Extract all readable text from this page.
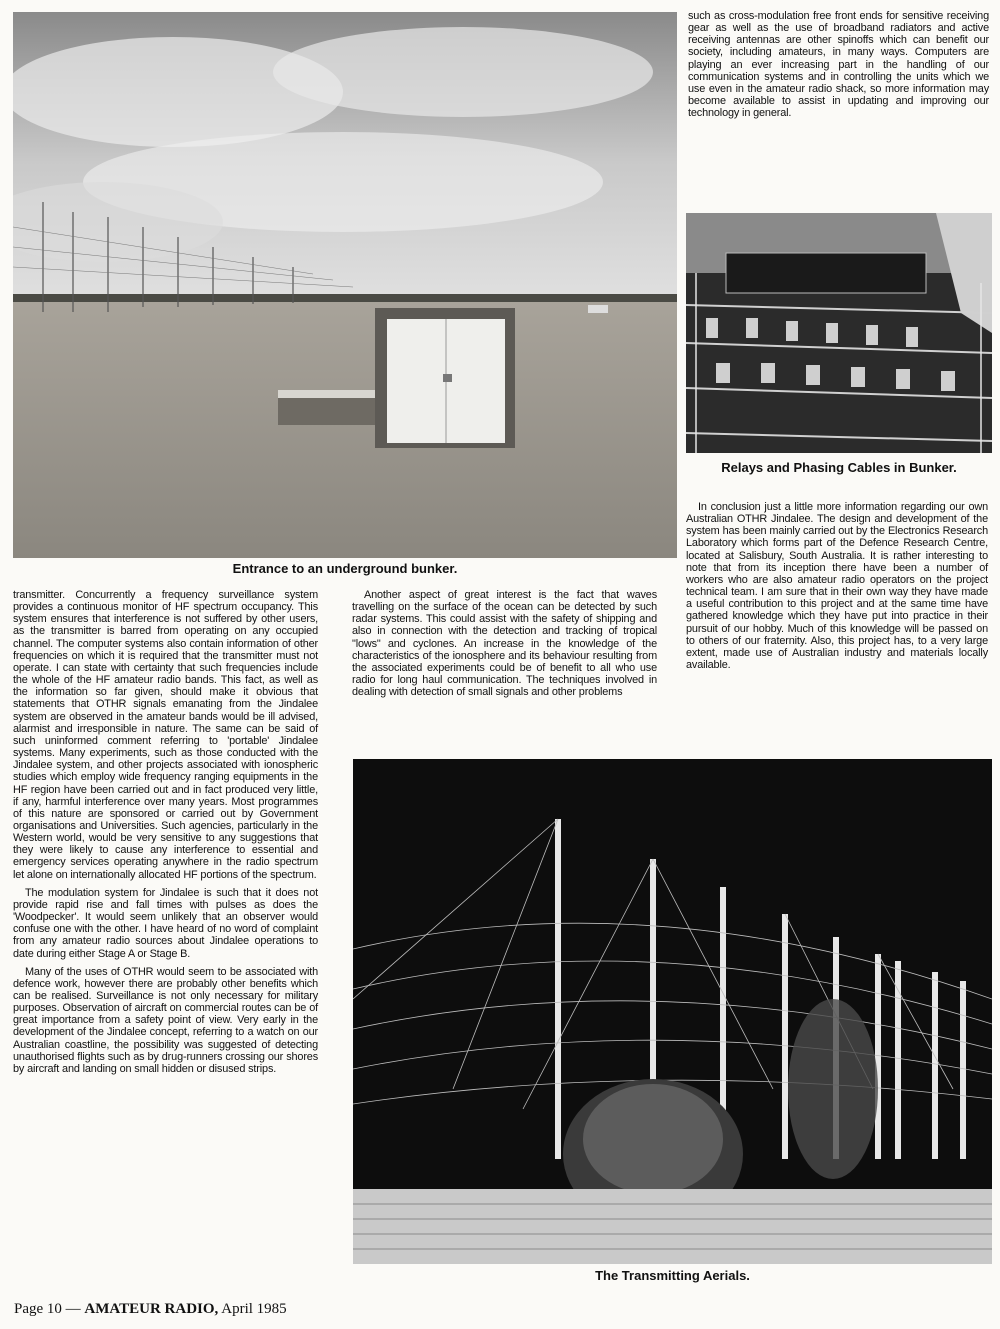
Entrance to an underground bunker.

such as cross-modulation free front ends for sensitive receiving gear as well as the use of broadband radiators and active receiving antennas are other spinoffs which can benefit our society, including amateurs, in many ways. Computers are playing an ever increasing part in the handling of our communication systems and in controlling the units which we use even in the amateur radio shack, so more information may become available to assist in updating and improving our technology in general.

Relays and Phasing Cables in Bunker.

In conclusion just a little more information regarding our own Australian OTHR Jindalee. The design and development of the system has been mainly carried out by the Electronics Research Laboratory which forms part of the Defence Research Centre, located at Salisbury, South Australia. It is rather interesting to note that from its inception there have been a number of workers who are also amateur radio operators on the project technical team. I am sure that in their own way they have made a useful contribution to this project and at the same time have gathered knowledge which they have put into practice in their pursuit of our hobby. Much of this knowledge will be passed on to others of our fraternity. Also, this project has, to a very large extent, made use of Australian industry and materials locally available.

transmitter. Concurrently a frequency surveillance system provides a continuous monitor of HF spectrum occupancy. This system ensures that interference is not suffered by other users, as the transmitter is barred from operating on any occupied channel. The computer systems also contain information of other frequencies on which it is required that the transmitter must not operate. I can state with certainty that such frequencies include the whole of the HF amateur radio bands. This fact, as well as the information so far given, should make it obvious that statements that OTHR signals emanating from the Jindalee system are observed in the amateur bands would be ill advised, alarmist and irresponsible in nature. The same can be said of such uninformed comment referring to 'portable' Jindalee systems. Many experiments, such as those conducted with the Jindalee system, and other projects associated with ionospheric studies which employ wide frequency ranging equipments in the HF region have been carried out and in fact produced very little, if any, harmful interference over many years. Most programmes of this nature are sponsored or carried out by Government organisations and Universities. Such agencies, particularly in the Western world, would be very sensitive to any suggestions that they were likely to cause any interference to essential and emergency services operating anywhere in the radio spectrum let alone on internationally allocated HF portions of the spectrum.

The modulation system for Jindalee is such that it does not provide rapid rise and fall times with pulses as does the 'Woodpecker'. It would seem unlikely that an observer would confuse one with the other. I have heard of no word of complaint from any amateur radio sources about Jindalee operations to date during either Stage A or Stage B.

Many of the uses of OTHR would seem to be associated with defence work, however there are probably other benefits which can be realised. Surveillance is not only necessary for military purposes. Observation of aircraft on commercial routes can be of great importance from a safety point of view. Very early in the development of the Jindalee concept, referring to a watch on our Australian coastline, the possibility was suggested of detecting unauthorised flights such as by drug-runners crossing our shores by aircraft and landing on small hidden or disused strips.

Another aspect of great interest is the fact that waves travelling on the surface of the ocean can be detected by such radar systems. This could assist with the safety of shipping and also in connection with the detection and tracking of tropical "lows" and cyclones. An increase in the knowledge of the characteristics of the ionosphere and its behaviour resulting from the associated experiments could be of benefit to all who use radio for long haul communication. The techniques involved in dealing with detection of small signals and other problems

The Transmitting Aerials.
Page 10 — AMATEUR RADIO, April 1985
